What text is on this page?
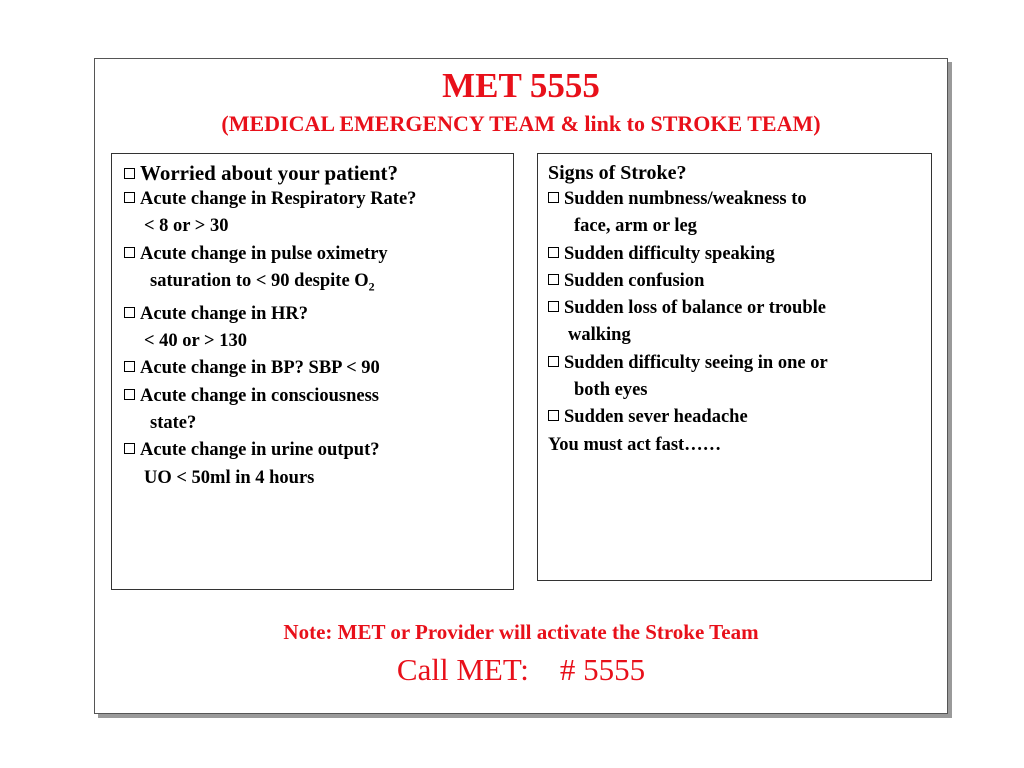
MET 5555
(MEDICAL EMERGENCY TEAM & link to STROKE TEAM)
Worried about your patient?
Acute change in Respiratory Rate?
< 8 or > 30
Acute change in pulse oximetry
saturation to < 90 despite $O_2$
Acute change in HR?
< 40 or > 130
Acute change in BP? SBP < 90
Acute change in consciousness
state?
Acute change in urine output?
UO < 50ml in 4 hours
Signs of Stroke?
Sudden numbness/weakness to
face, arm or leg
Sudden difficulty speaking
Sudden confusion
Sudden loss of balance or trouble
walking
Sudden difficulty seeing in one or
both eyes
Sudden sever headache
You must act fast……
Note: MET or Provider will activate the Stroke Team
Call MET:    # 5555
